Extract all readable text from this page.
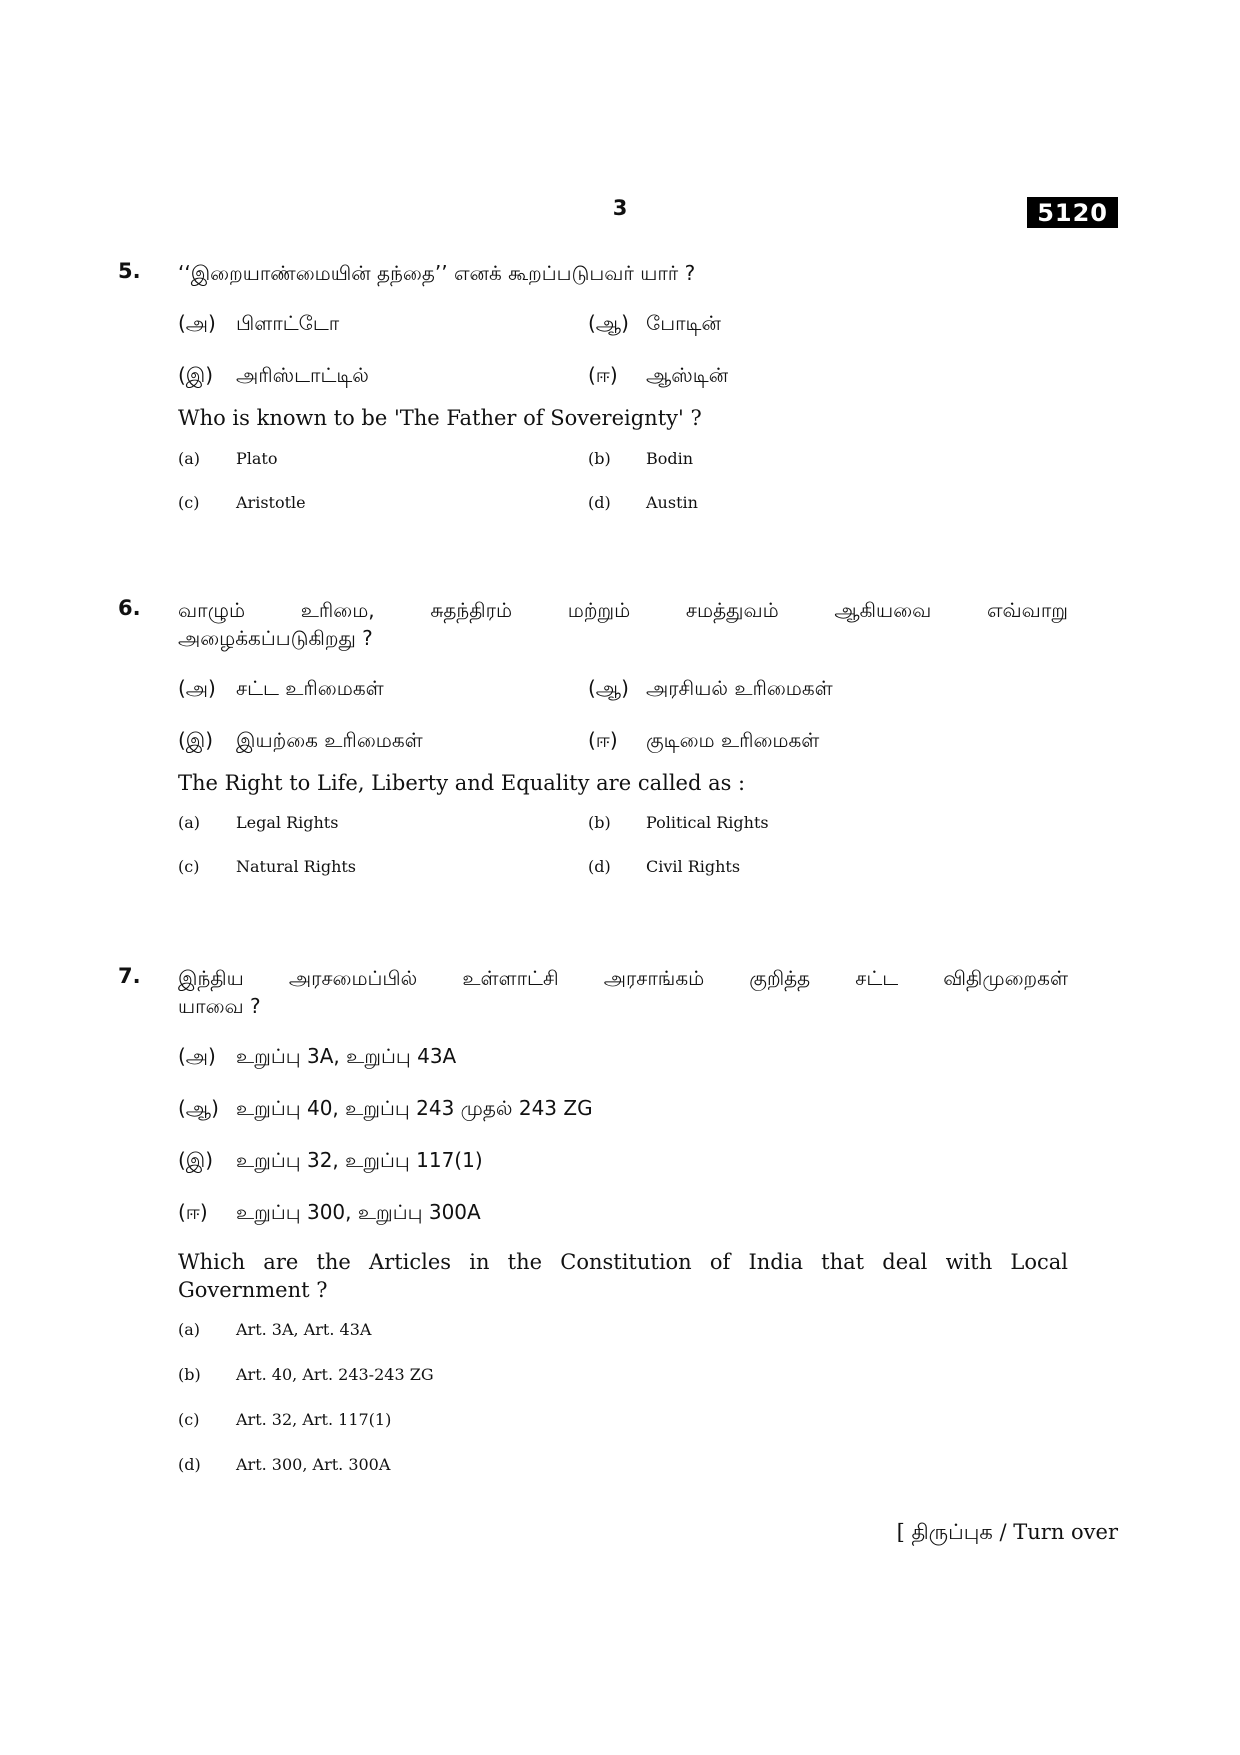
3	5120
5. ‘‘இறையாண்மையின் தந்தை’’ எனக் கூறப்படுபவர் யார் ?
(அ) பிளாட்டோ	(ஆ) போடின்
(இ) அரிஸ்டாட்டில்	(ஈ) ஆஸ்டின்
Who is known to be 'The Father of Sovereignty' ?
(a) Plato	(b) Bodin
(c) Aristotle	(d) Austin
6. வாழும் உரிமை, சுதந்திரம் மற்றும் சமத்துவம் ஆகியவை எவ்வாறு
அழைக்கப்படுகிறது ?
(அ) சட்ட உரிமைகள்	(ஆ) அரசியல் உரிமைகள்
(இ) இயற்கை உரிமைகள்	(ஈ) குடிமை உரிமைகள்
The Right to Life, Liberty and Equality are called as :
(a) Legal Rights	(b) Political Rights
(c) Natural Rights	(d) Civil Rights
7. இந்திய அரசமைப்பில் உள்ளாட்சி அரசாங்கம் குறித்த சட்ட விதிமுறைகள்
யாவை ?
(அ) உறுப்பு 3A, உறுப்பு 43A
(ஆ) உறுப்பு 40, உறுப்பு 243 முதல் 243 ZG
(இ) உறுப்பு 32, உறுப்பு 117(1)
(ஈ) உறுப்பு 300, உறுப்பு 300A
Which are the Articles in the Constitution of India that deal with Local
Government ?
(a) Art. 3A, Art. 43A
(b) Art. 40, Art. 243-243 ZG
(c) Art. 32, Art. 117(1)
(d) Art. 300, Art. 300A
[ திருப்புக / Turn over
